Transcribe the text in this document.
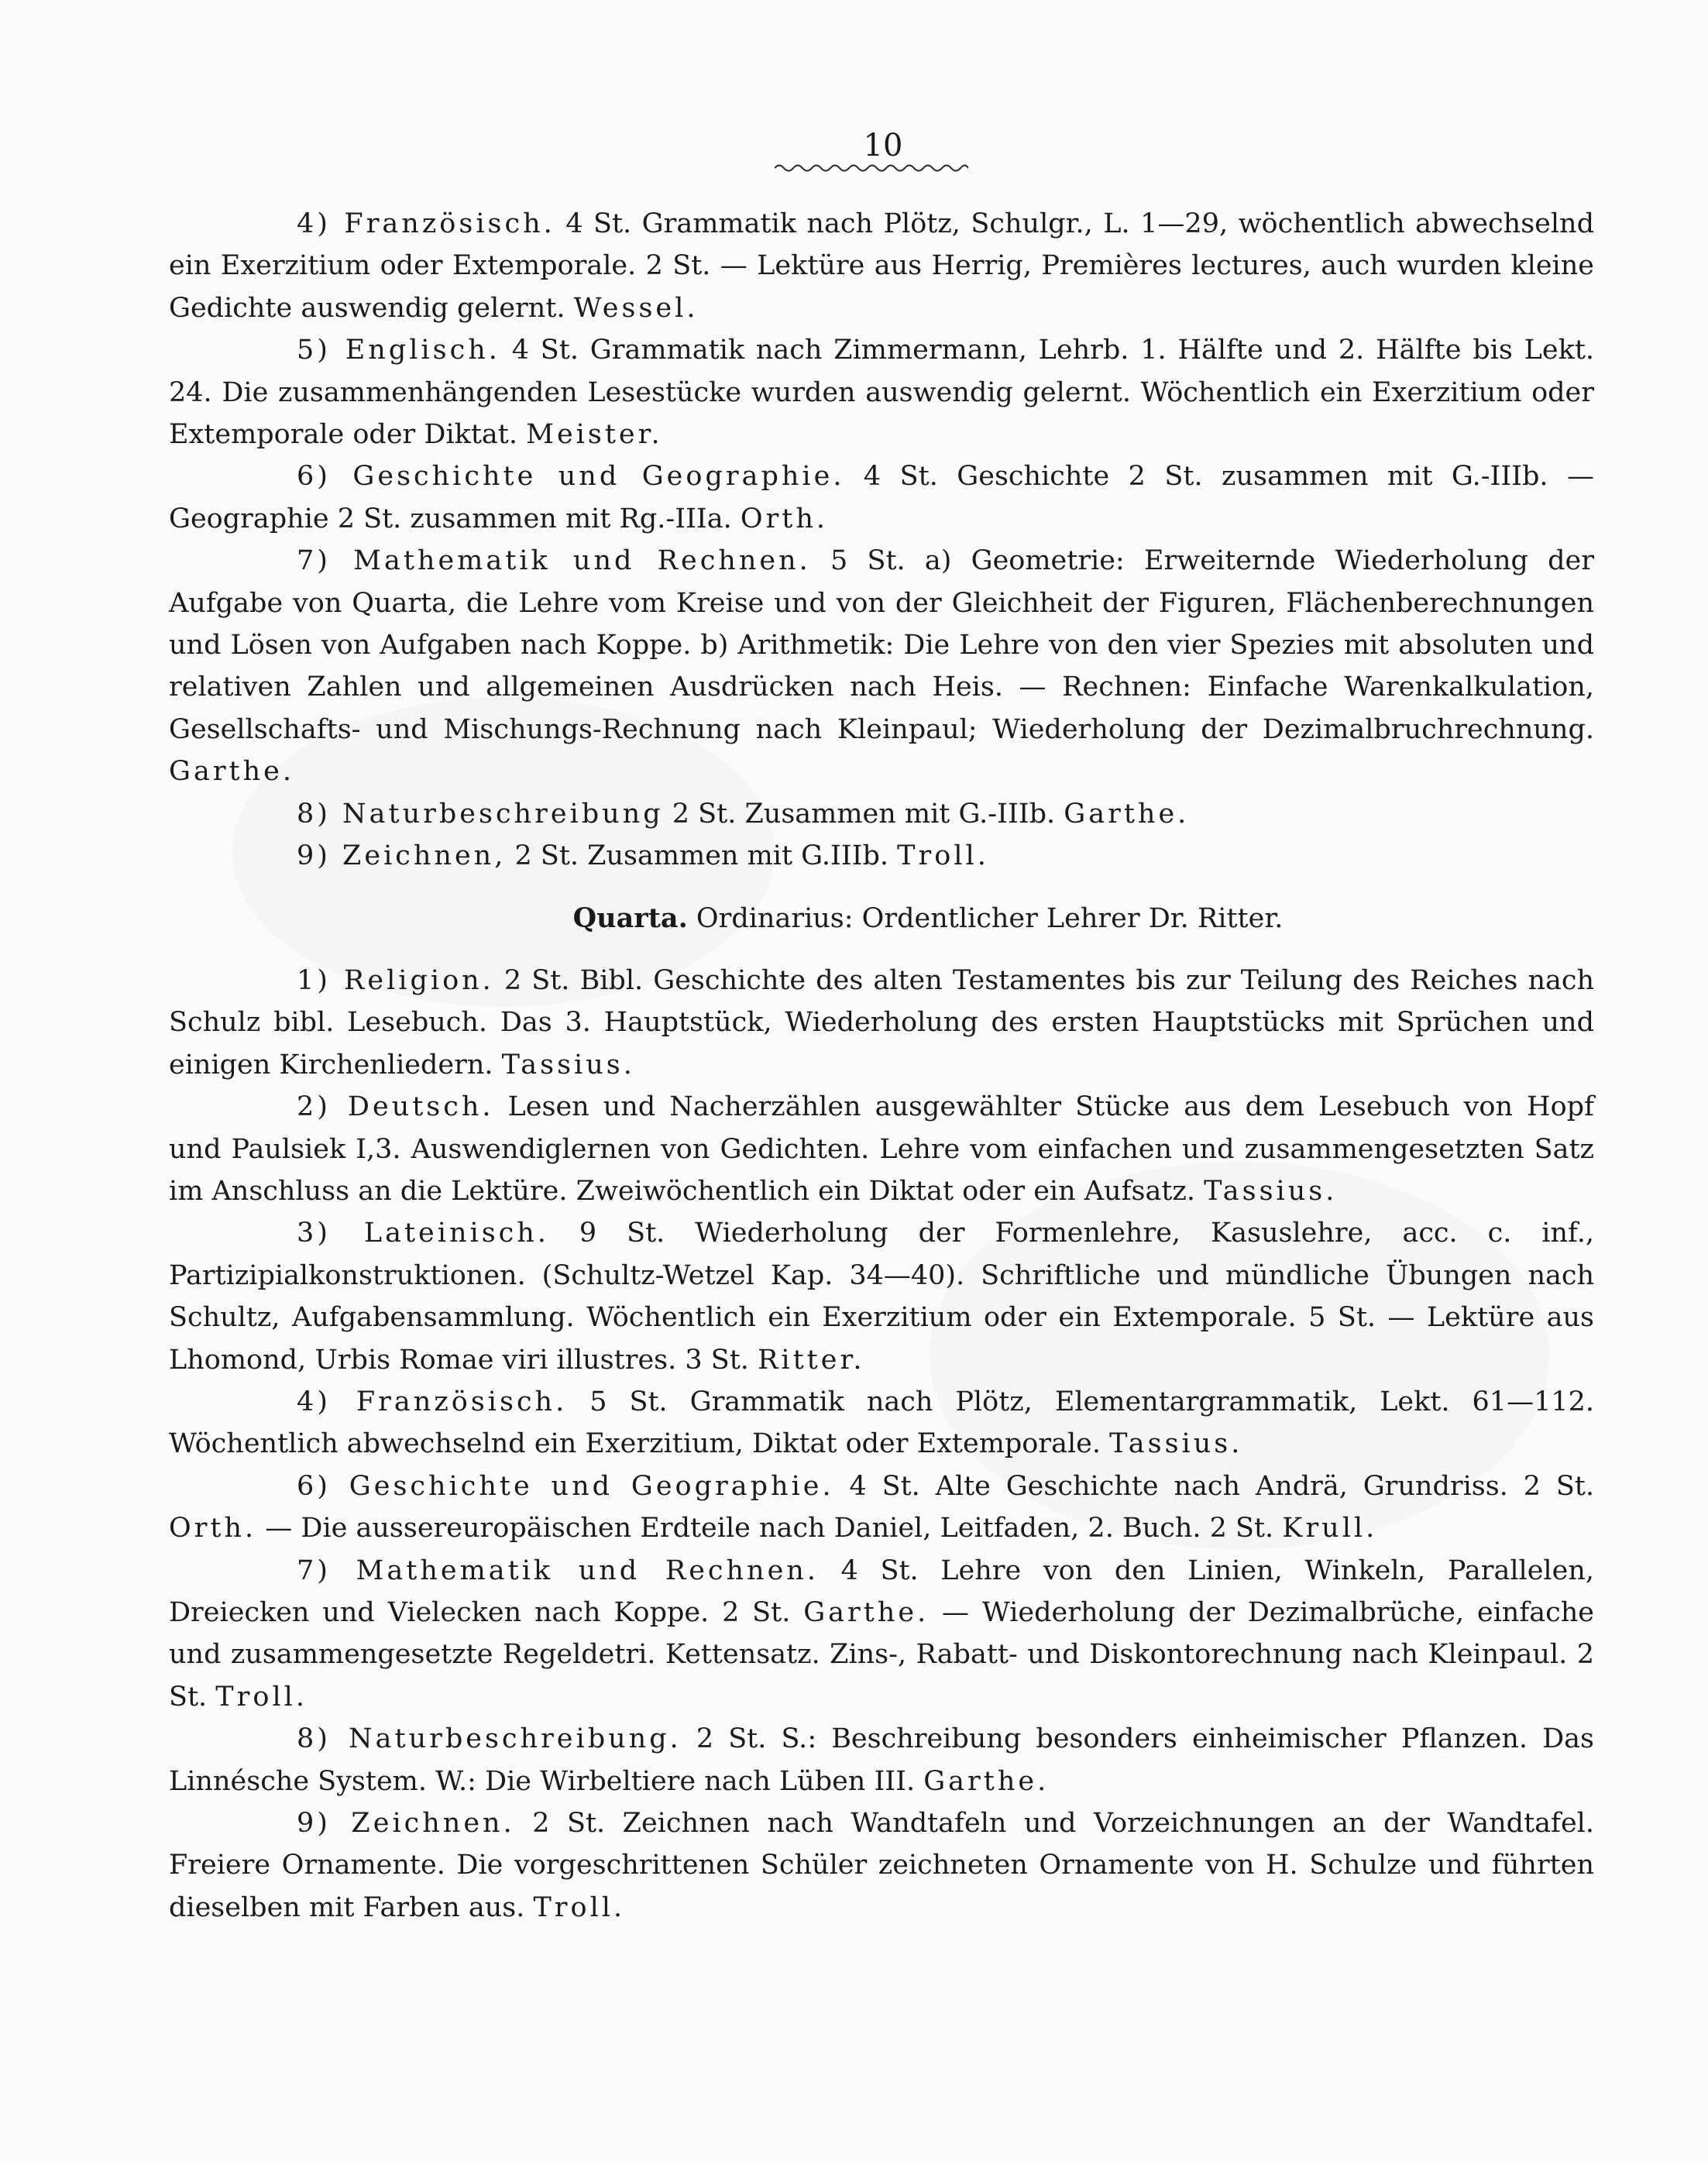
10

4) Französisch. 4 St. Grammatik nach Plötz, Schulgr., L. 1—29, wöchentlich abwechselnd ein Exerzitium oder Extemporale. 2 St. — Lektüre aus Herrig, Premières lectures, auch wurden kleine Gedichte auswendig gelernt. Wessel.

5) Englisch. 4 St. Grammatik nach Zimmermann, Lehrb. 1. Hälfte und 2. Hälfte bis Lekt. 24. Die zusammenhängenden Lesestücke wurden auswendig gelernt. Wöchentlich ein Exerzitium oder Extemporale oder Diktat. Meister.

6) Geschichte und Geographie. 4 St. Geschichte 2 St. zusammen mit G.-IIIb. — Geographie 2 St. zusammen mit Rg.-IIIa. Orth.

7) Mathematik und Rechnen. 5 St. a) Geometrie: Erweiternde Wiederholung der Aufgabe von Quarta, die Lehre vom Kreise und von der Gleichheit der Figuren, Flächenberechnungen und Lösen von Aufgaben nach Koppe. b) Arithmetik: Die Lehre von den vier Spezies mit absoluten und relativen Zahlen und allgemeinen Ausdrücken nach Heis. — Rechnen: Einfache Warenkalkulation, Gesellschafts- und Mischungs-Rechnung nach Kleinpaul; Wiederholung der Dezimalbruchrechnung. Garthe.

8) Naturbeschreibung 2 St. Zusammen mit G.-IIIb. Garthe.

9) Zeichnen, 2 St. Zusammen mit G.IIIb. Troll.

Quarta. Ordinarius: Ordentlicher Lehrer Dr. Ritter.

1) Religion. 2 St. Bibl. Geschichte des alten Testamentes bis zur Teilung des Reiches nach Schulz bibl. Lesebuch. Das 3. Hauptstück, Wiederholung des ersten Hauptstücks mit Sprüchen und einigen Kirchenliedern. Tassius.

2) Deutsch. Lesen und Nacherzählen ausgewählter Stücke aus dem Lesebuch von Hopf und Paulsiek I,3. Auswendiglernen von Gedichten. Lehre vom einfachen und zusammengesetzten Satz im Anschluss an die Lektüre. Zweiwöchentlich ein Diktat oder ein Aufsatz. Tassius.

3) Lateinisch. 9 St. Wiederholung der Formenlehre, Kasuslehre, acc. c. inf., Partizipialkonstruktionen. (Schultz-Wetzel Kap. 34—40). Schriftliche und mündliche Übungen nach Schultz, Aufgabensammlung. Wöchentlich ein Exerzitium oder ein Extemporale. 5 St. — Lektüre aus Lhomond, Urbis Romae viri illustres. 3 St. Ritter.

4) Französisch. 5 St. Grammatik nach Plötz, Elementargrammatik, Lekt. 61—112. Wöchentlich abwechselnd ein Exerzitium, Diktat oder Extemporale. Tassius.

6) Geschichte und Geographie. 4 St. Alte Geschichte nach Andrä, Grundriss. 2 St. Orth. — Die aussereuropäischen Erdteile nach Daniel, Leitfaden, 2. Buch. 2 St. Krull.

7) Mathematik und Rechnen. 4 St. Lehre von den Linien, Winkeln, Parallelen, Dreiecken und Vielecken nach Koppe. 2 St. Garthe. — Wiederholung der Dezimalbrüche, einfache und zusammengesetzte Regeldetri. Kettensatz. Zins-, Rabatt- und Diskontorechnung nach Kleinpaul. 2 St. Troll.

8) Naturbeschreibung. 2 St. S.: Beschreibung besonders einheimischer Pflanzen. Das Linnésche System. W.: Die Wirbeltiere nach Lüben III. Garthe.

9) Zeichnen. 2 St. Zeichnen nach Wandtafeln und Vorzeichnungen an der Wandtafel. Freiere Ornamente. Die vorgeschrittenen Schüler zeichneten Ornamente von H. Schulze und führten dieselben mit Farben aus. Troll.
